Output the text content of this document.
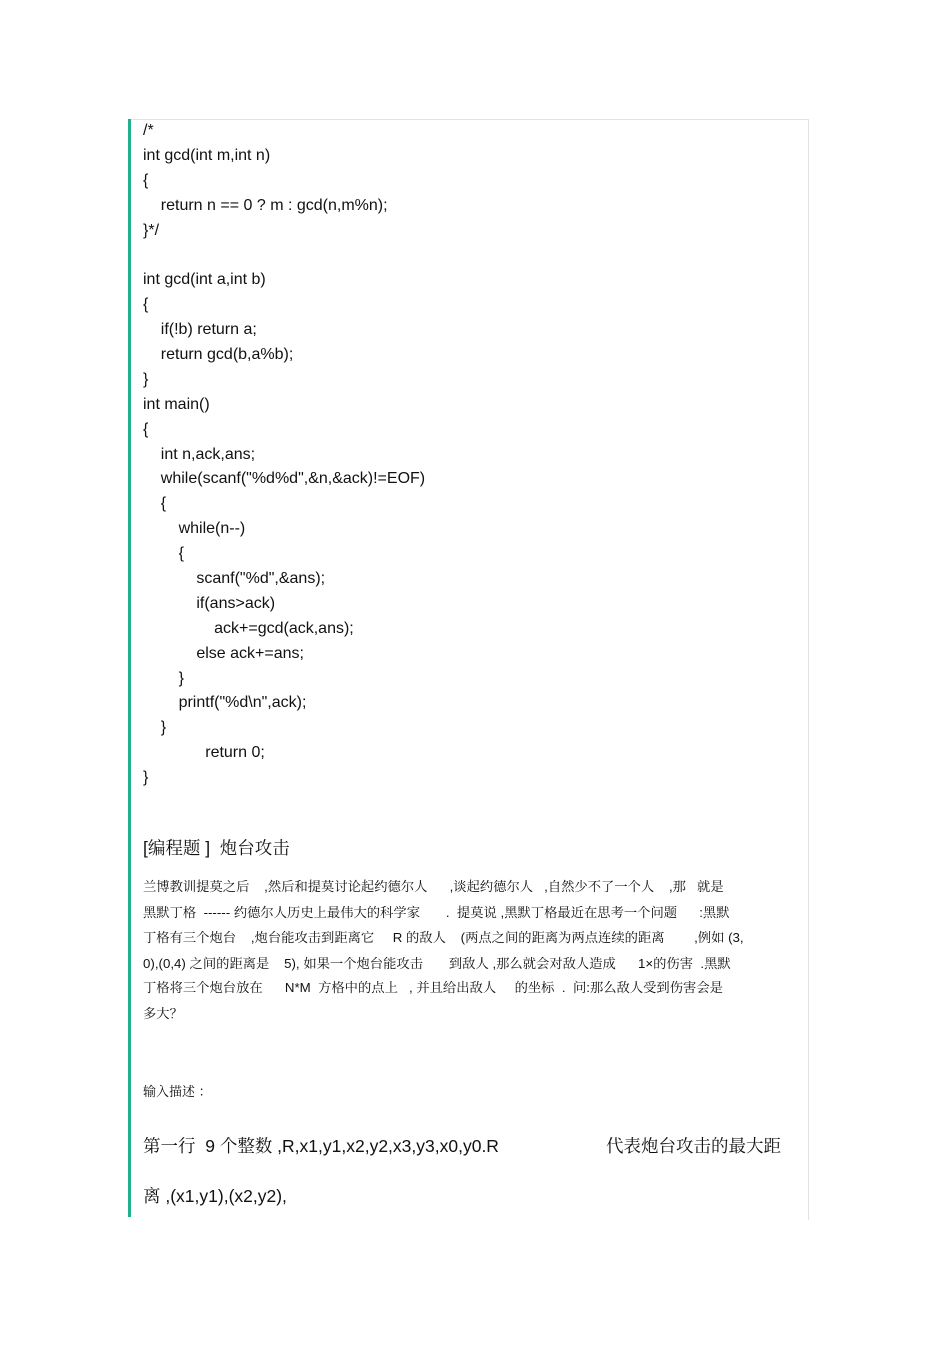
/*
int gcd(int m,int n)
{
return n == 0 ? m : gcd(n,m%n);
}*/
int gcd(int a,int b)
{
if(!b) return a;
return gcd(b,a%b);
}
int main()
{
int n,ack,ans;
while(scanf("%d%d",&n,&ack)!=EOF)
{
while(n--)
{
scanf("%d",&ans);
if(ans>ack)
ack+=gcd(ack,ans);
else ack+=ans;
}
printf("%d\n",ack);
}
return 0;
}
[编程题 ]  炮台攻击
兰博教训提莫之后    ,然后和提莫讨论起约德尔人      ,谈起约德尔人   ,自然少不了一个人    ,那   就是
黑默丁格  ------ 约德尔人历史上最伟大的科学家       .  提莫说 ,黑默丁格最近在思考一个问题      :黑默
丁格有三个炮台    ,炮台能攻击到距离它     R 的敌人    (两点之间的距离为两点连续的距离        ,例如 (3,
0),(0,4) 之间的距离是    5), 如果一个炮台能攻击       到敌人 ,那么就会对敌人造成      1×的伤害  .黑默
丁格将三个炮台放在      N*M  方格中的点上   , 并且给出敌人     的坐标  .  问:那么敌人受到伤害会是
多大？
输入描述 ：
第一行  9 个整数 ,R,x1,y1,x2,y2,x3,y3,x0,y0.R	代表炮台攻击的最大距
离 ,(x1,y1),(x2,y2),
